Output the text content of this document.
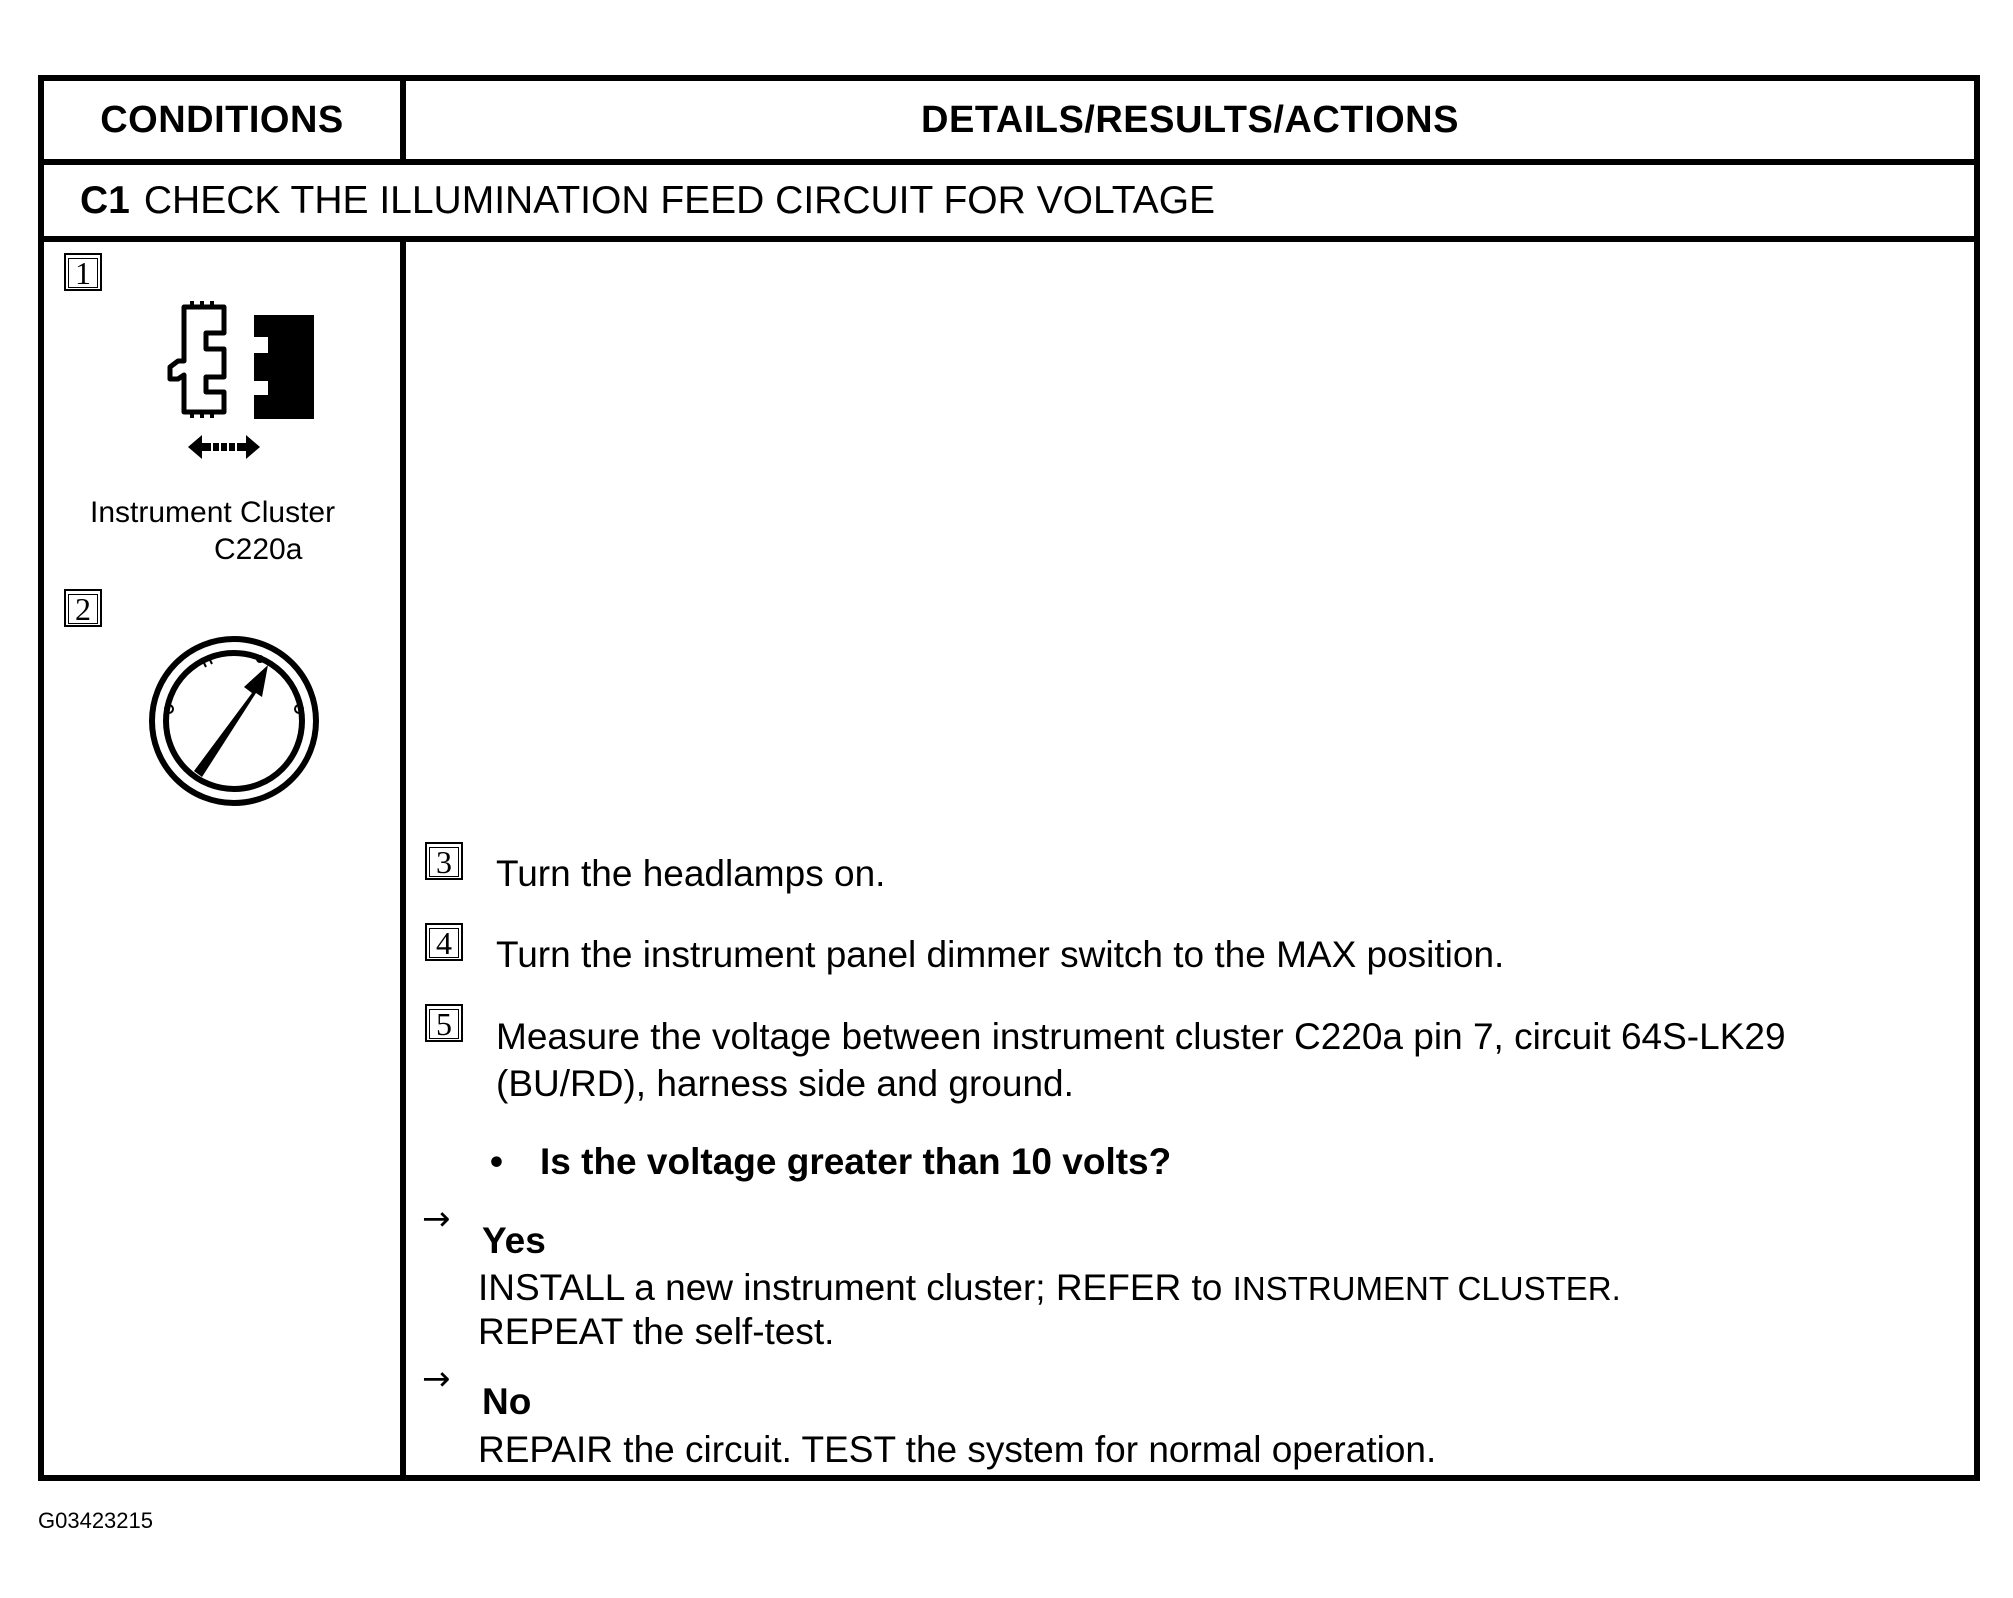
CONDITIONS	DETAILS/RESULTS/ACTIONS
C1 CHECK THE ILLUMINATION FEED CIRCUIT FOR VOLTAGE
1
Instrument Cluster
C220a
2
3 Turn the headlamps on.
4 Turn the instrument panel dimmer switch to the MAX position.
5 Measure the voltage between instrument cluster C220a pin 7, circuit 64S-LK29
(BU/RD), harness side and ground.
• Is the voltage greater than 10 volts?
→
Yes
INSTALL a new instrument cluster; REFER to INSTRUMENT CLUSTER.
REPEAT the self-test.
→
No
REPAIR the circuit. TEST the system for normal operation.
G03423215
